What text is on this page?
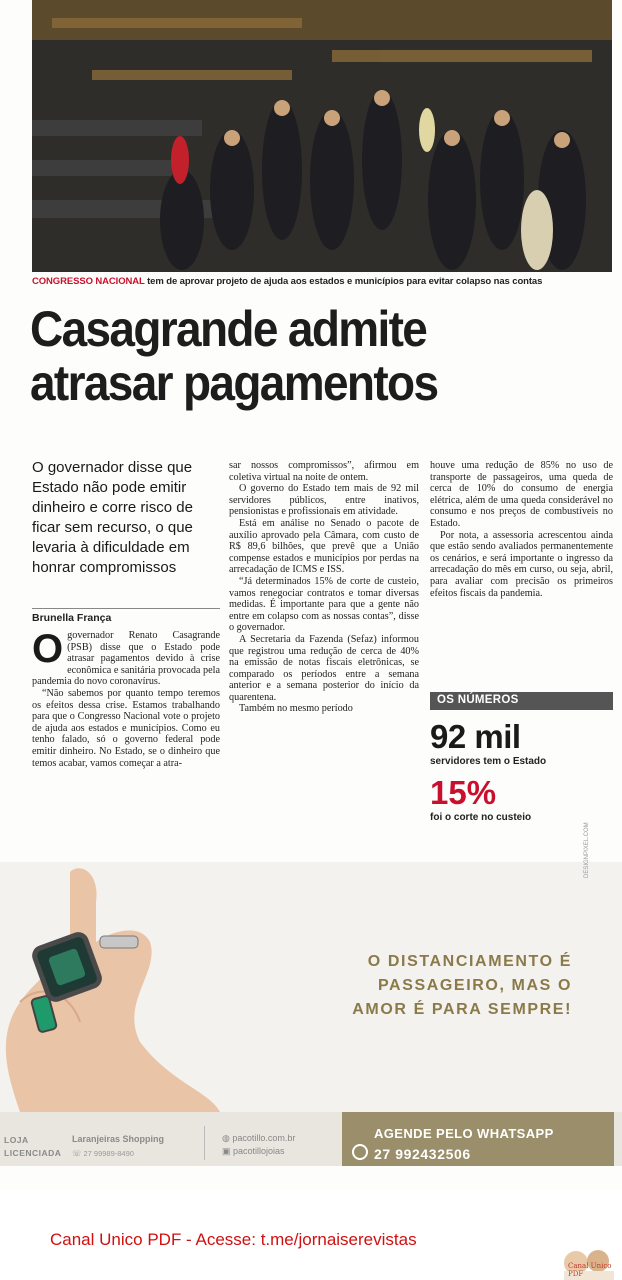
CONGRESSO NACIONAL tem de aprovar projeto de ajuda aos estados e municípios para evitar colapso nas contas
Casagrande admite
atrasar pagamentos
O governador disse que Estado não pode emitir dinheiro e corre risco de ficar sem recurso, o que levaria à dificuldade em honrar compromissos
Brunella França

Ogovernador Renato Casagrande (PSB) disse que o Estado pode atrasar pagamentos devido à crise econômica e sanitária provocada pela pandemia do novo coronavírus.

“Não sabemos por quanto tempo teremos os efeitos dessa crise. Estamos trabalhando para que o Congresso Nacional vote o projeto de ajuda aos estados e municípios. Como eu tenho falado, só o governo federal pode emitir dinheiro. No Estado, se o dinheiro que temos acabar, vamos começar a atra-

sar nossos compromissos”, afirmou em coletiva virtual na noite de ontem.

O governo do Estado tem mais de 92 mil servidores públicos, entre inativos, pensionistas e profissionais em atividade.

Está em análise no Senado o pacote de auxílio aprovado pela Câmara, com custo de R$ 89,6 bilhões, que prevê que a União compense estados e municípios por perdas na arrecadação de ICMS e ISS.

“Já determinados 15% de corte de custeio, vamos renegociar contratos e tomar diversas medidas. É importante para que a gente não entre em colapso com as nossas contas”, disse o governador.

A Secretaria da Fazenda (Sefaz) informou que registrou uma redução de cerca de 40% na emissão de notas fiscais eletrônicas, se comparado os períodos entre a semana anterior e a semana posterior do início da quarentena.

Também no mesmo período

houve uma redução de 85% no uso de transporte de passageiros, uma queda de cerca de 10% do consumo de energia elétrica, além de uma queda considerável no consumo e nos preços de combustíveis no Estado.

Por nota, a assessoria acrescentou ainda que estão sendo avaliados permanentemente os cenários, e será importante o ingresso da arrecadação do mês em curso, ou seja, abril, para avaliar com precisão os primeiros efeitos fiscais da pandemia.

OS NÚMEROS
92 mil
servidores tem o Estado
15%
foi o corte no custeio
DESIGNPIXEL.COM
O DISTANCIAMENTO É
PASSAGEIRO, MAS O
AMOR É PARA SEMPRE!
LOJA
LICENCIADA
Laranjeiras Shopping
☏ 27 99989-8490
◍ pacotillo.com.br
▣ pacotillojoias
AGENDE PELO WHATSAPP
27 992432506
Canal Unico PDF - Acesse: t.me/jornaiserevistas
Canal Unico PDF
